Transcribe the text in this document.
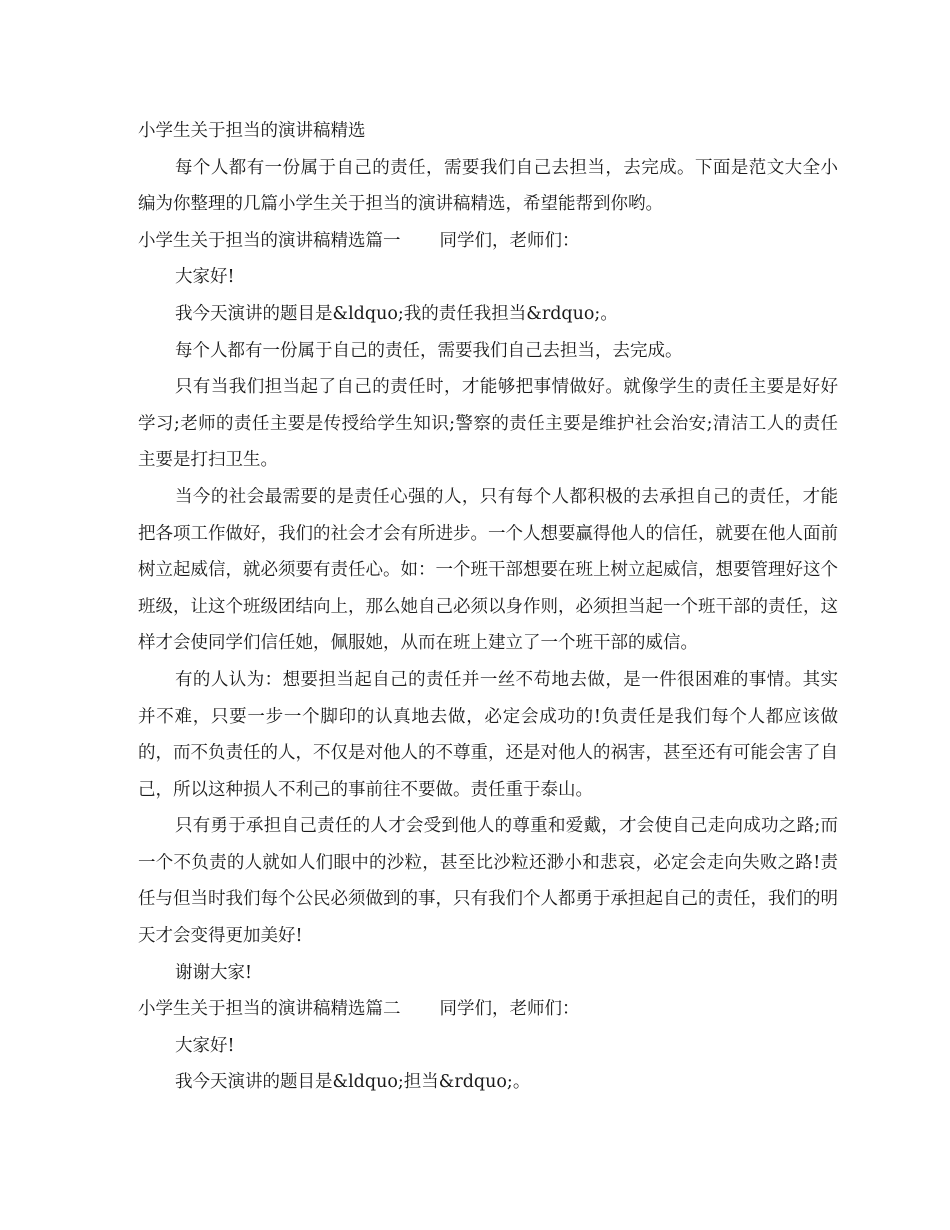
小学生关于担当的演讲稿精选

每个人都有一份属于自己的责任，需要我们自己去担当，去完成。下面是范文大全小编为你整理的几篇小学生关于担当的演讲稿精选，希望能帮到你哟。

小学生关于担当的演讲稿精选篇一 同学们，老师们：

大家好!

我今天演讲的题目是&ldquo;我的责任我担当&rdquo;。

每个人都有一份属于自己的责任，需要我们自己去担当，去完成。

只有当我们担当起了自己的责任时，才能够把事情做好。就像学生的责任主要是好好学习;老师的责任主要是传授给学生知识;警察的责任主要是维护社会治安;清洁工人的责任主要是打扫卫生。

当今的社会最需要的是责任心强的人，只有每个人都积极的去承担自己的责任，才能把各项工作做好，我们的社会才会有所进步。一个人想要赢得他人的信任，就要在他人面前树立起威信，就必须要有责任心。如：一个班干部想要在班上树立起威信，想要管理好这个班级，让这个班级团结向上，那么她自己必须以身作则，必须担当起一个班干部的责任，这样才会使同学们信任她，佩服她，从而在班上建立了一个班干部的威信。

有的人认为：想要担当起自己的责任并一丝不苟地去做，是一件很困难的事情。其实并不难，只要一步一个脚印的认真地去做，必定会成功的!负责任是我们每个人都应该做的，而不负责任的人，不仅是对他人的不尊重，还是对他人的祸害，甚至还有可能会害了自己，所以这种损人不利己的事前往不要做。责任重于泰山。

只有勇于承担自己责任的人才会受到他人的尊重和爱戴，才会使自己走向成功之路;而一个不负责的人就如人们眼中的沙粒，甚至比沙粒还渺小和悲哀，必定会走向失败之路!责任与但当时我们每个公民必须做到的事，只有我们个人都勇于承担起自己的责任，我们的明天才会变得更加美好!

谢谢大家!

小学生关于担当的演讲稿精选篇二 同学们，老师们：

大家好!

我今天演讲的题目是&ldquo;担当&rdquo;。
